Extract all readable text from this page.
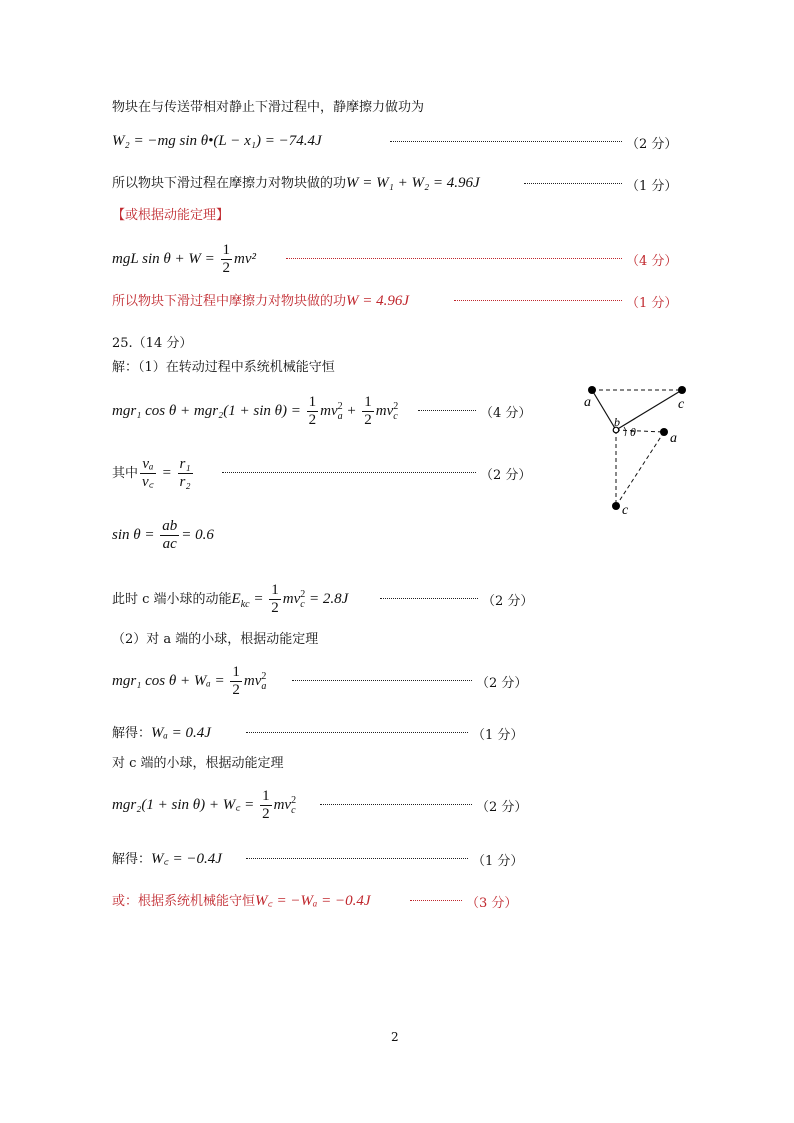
物块在与传送带相对静止下滑过程中，静摩擦力做功为
W₂ = −mg sin θ•(L − x₁) = −74.4J	（2 分）
所以物块下滑过程在摩擦力对物块做的功W = W₁ + W₂ = 4.96J	（1 分）
【或根据动能定理】
mgL $\sin \theta + W = \frac{1}{2} mv^2$	（4 分）
所以物块下滑过程中摩擦力对物块做的功W = 4.96J	（1 分）
25.（14 分）
解：（1）在转动过程中系统机械能守恒
mgr₁ $\cos \theta + mgr_2(1 + \sin \theta) = \frac{1}{2}$ mv 2
$a + \frac{1}{2}$ mv 2
c	（4 分）
其中 $\frac{\text{vₐ}}{v꜀} = \frac{\text{r₁}}{\text{r₂}}$	（2 分）
$\sin \theta = \frac{ab}{ac} = 0.6$
此时 c 端小球的动能$E_{kc} = \frac{1}{2}$ mv 2
c = 2.8J	（2 分）
（2）对 a 端的小球，根据动能定理
mgr₁ $\cos \theta + W_a = \frac{1}{2}$ mv 2
a	（2 分）
解得：Wₐ = 0.4J	（1 分）
对 c 端的小球，根据动能定理
mgr₂(1 + sin θ) + W꜀ = $\frac{1}{2}$ mv 2
c	（2 分）
解得：W꜀ = −0.4J	（1 分）
或：根据系统机械能守恒W꜀ = −Wₐ = −0.4J	（3 分）
a	c
b
θ a
c
2
